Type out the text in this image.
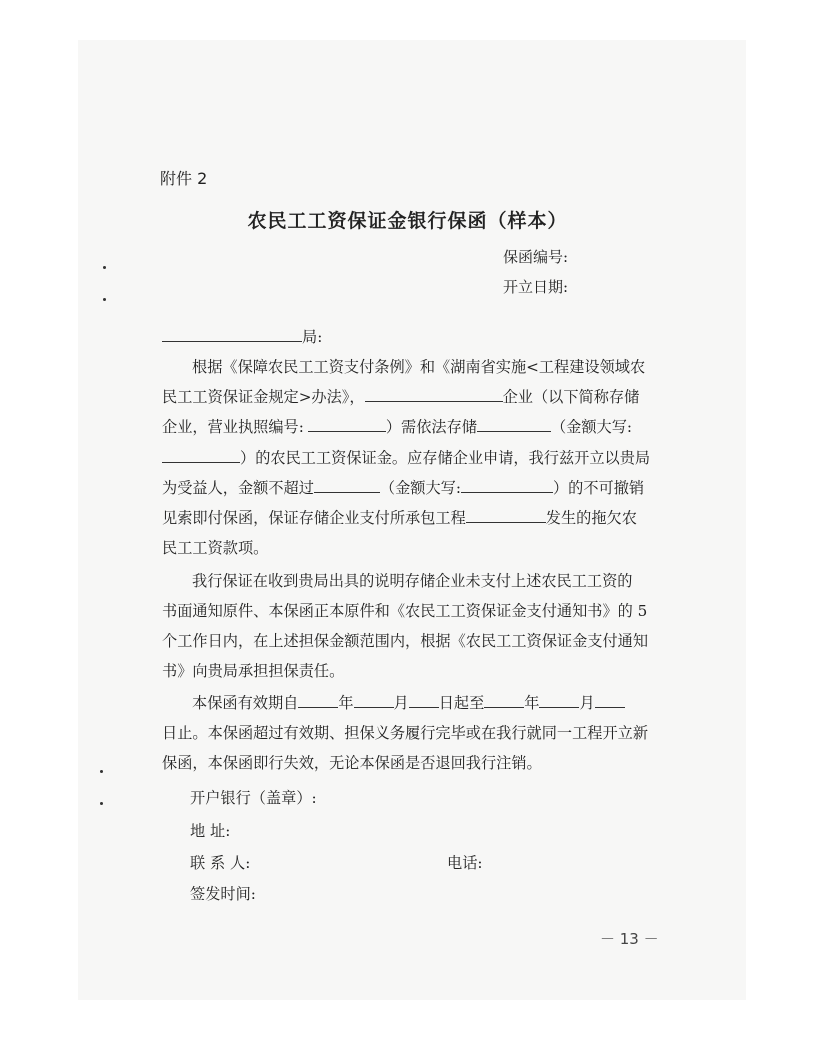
附件 2
农民工工资保证金银行保函（样本）
保函编号:
开立日期:
局:
根据《保障农民工工资支付条例》和《湖南省实施<工程建设领域农
民工工资保证金规定>办法》，	企业（以下简称存储
企业，营业执照编号:	）需依法存储	（金额大写:
）的农民工工资保证金。应存储企业申请，我行兹开立以贵局
为受益人，金额不超过	（金额大写:	）的不可撤销
见索即付保函，保证存储企业支付所承包工程	发生的拖欠农
民工工资款项。
我行保证在收到贵局出具的说明存储企业未支付上述农民工工资的
书面通知原件、本保函正本原件和《农民工工资保证金支付通知书》的 5
个工作日内，在上述担保金额范围内，根据《农民工工资保证金支付通知
书》向贵局承担担保责任。
本保函有效期自	年	月 日起至	年	月
日止。本保函超过有效期、担保义务履行完毕或在我行就同一工程开立新
保函，本保函即行失效，无论本保函是否退回我行注销。
开户银行（盖章）:
地 址:
联 系 人:	电话:
签发时间:
－ 13 －
